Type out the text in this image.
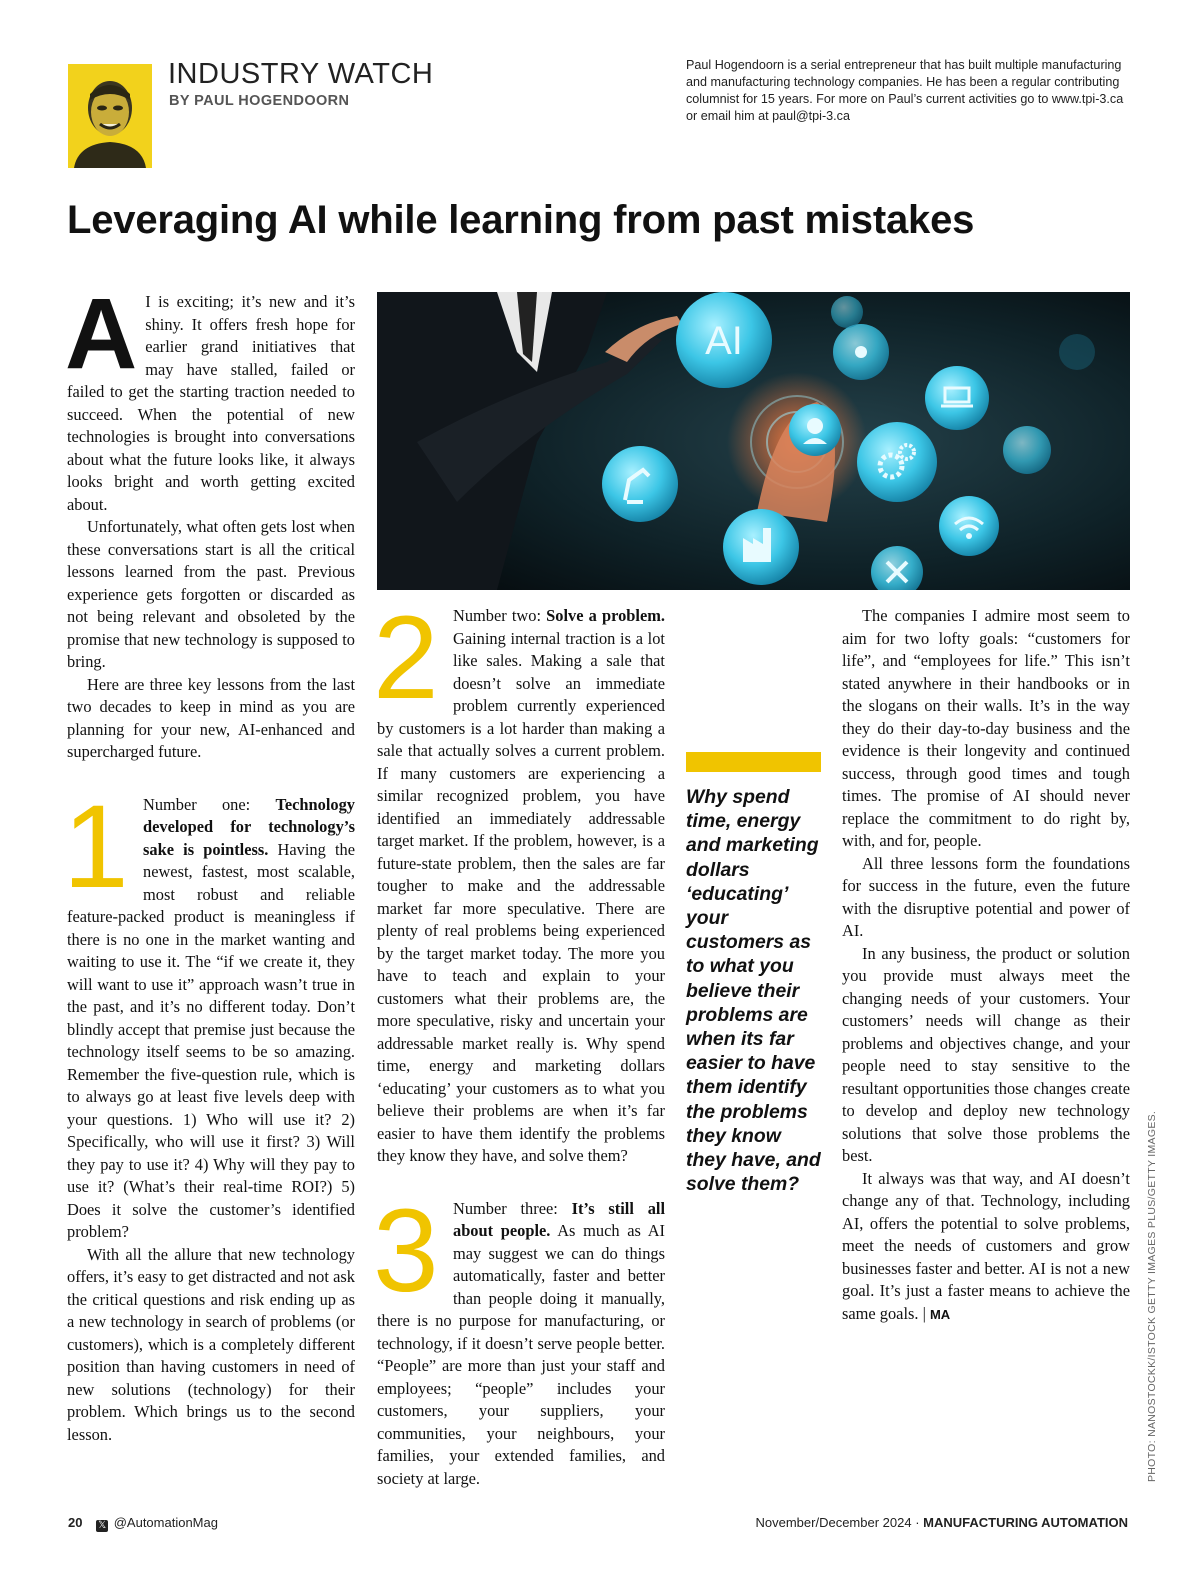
INDUSTRY WATCH
BY PAUL HOGENDOORN
Paul Hogendoorn is a serial entrepreneur that has built multiple manufacturing and manufacturing technology companies. He has been a regular contributing columnist for 15 years. For more on Paul’s current activities go to www.tpi-3.ca or email him at paul@tpi-3.ca
Leveraging AI while learning from past mistakes
AI

A I is exciting; it’s new and it’s shiny. It offers fresh hope for earlier grand initiatives that may have stalled, failed or failed to get the starting traction needed to succeed. When the potential of new technologies is brought into conversations about what the future looks like, it always looks bright and worth getting excited about.

Unfortunately, what often gets lost when these conversations start is all the critical lessons learned from the past. Previous experience gets forgotten or discarded as not being relevant and obsoleted by the promise that new technology is supposed to bring.

Here are three key lessons from the last two decades to keep in mind as you are planning for your new, AI-enhanced and supercharged future.

1 Number one: Technology developed for technology’s sake is pointless. Having the newest, fastest, most scalable, most robust and reliable feature-packed product is meaningless if there is no one in the market wanting and waiting to use it. The “if we create it, they will want to use it” approach wasn’t true in the past, and it’s no different today. Don’t blindly accept that premise just because the technology itself seems to be so amazing. Remember the five-question rule, which is to always go at least five levels deep with your questions. 1) Who will use it? 2) Specifically, who will use it first? 3) Will they pay to use it? 4) Why will they pay to use it? (What’s their real-time ROI?) 5) Does it solve the customer’s identified problem?

With all the allure that new technology offers, it’s easy to get distracted and not ask the critical questions and risk ending up as a new technology in search of problems (or customers), which is a completely different position than having customers in need of new solutions (technology) for their problem. Which brings us to the second lesson.

2 Number two: Solve a problem. Gaining internal traction is a lot like sales. Making a sale that doesn’t solve an immediate problem currently experienced by customers is a lot harder than making a sale that actually solves a current problem. If many customers are experiencing a similar recognized problem, you have identified an immediately addressable target market. If the problem, however, is a future-state problem, then the sales are far tougher to make and the addressable market far more speculative. There are plenty of real problems being experienced by the target market today. The more you have to teach and explain to your customers what their problems are, the more speculative, risky and uncertain your addressable market really is. Why spend time, energy and marketing dollars ‘educating’ your customers as to what you believe their problems are when it’s far easier to have them identify the problems they know they have, and solve them?

3 Number three: It’s still all about people. As much as AI may suggest we can do things automatically, faster and better than people doing it manually, there is no purpose for manufacturing, or technology, if it doesn’t serve people better. “People” are more than just your staff and employees; “people” includes your customers, your suppliers, your communities, your neighbours, your families, your extended families, and society at large.

Why spend time, energy and marketing dollars ‘educating’ your customers as to what you believe their problems are when its far easier to have them identify the problems they know they have, and solve them?

The companies I admire most seem to aim for two lofty goals: “customers for life”, and “employees for life.” This isn’t stated anywhere in their handbooks or in the slogans on their walls. It’s in the way they do their day-to-day business and the evidence is their longevity and continued success, through good times and tough times. The promise of AI should never replace the commitment to do right by, with, and for, people.

All three lessons form the foundations for success in the future, even the future with the disruptive potential and power of AI.

In any business, the product or solution you provide must always meet the changing needs of your customers. Your customers’ needs will change as their problems and objectives change, and your people need to stay sensitive to the resultant opportunities those changes create to develop and deploy new technology solutions that solve those problems the best.

It always was that way, and AI doesn’t change any of that. Technology, including AI, offers the potential to solve problems, meet the needs of customers and grow businesses faster and better. AI is not a new goal. It’s just a faster means to achieve the same goals. | MA	PHOTO: NANOSTOCKK/ISTOCK GETTY IMAGES PLUS/GETTY IMAGES.
20 𝕏 @AutomationMag	November/December 2024 · MANUFACTURING AUTOMATION
